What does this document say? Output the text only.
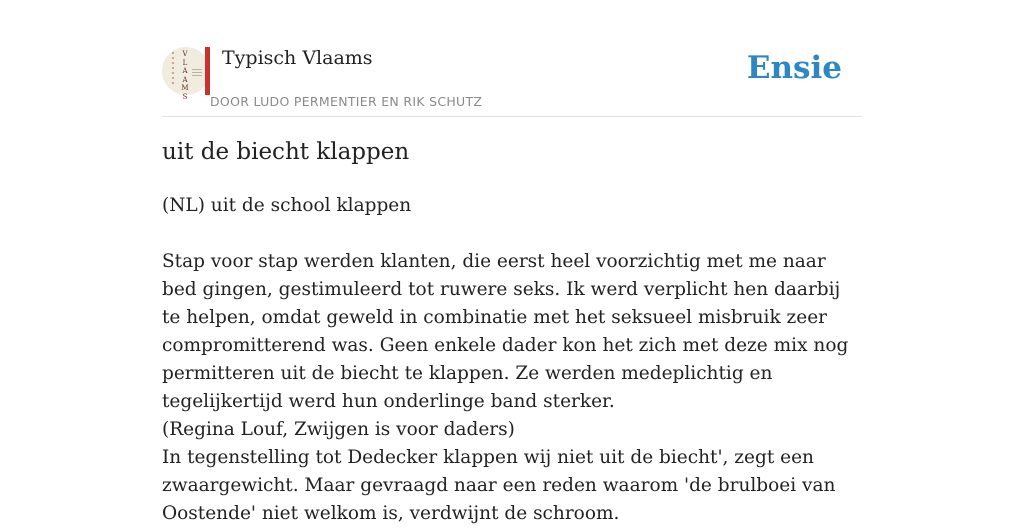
V
L
A
A
M
S
Typisch Vlaams
DOOR LUDO PERMENTIER EN RIK SCHUTZ
Ensie
uit de biecht klappen

(NL) uit de school klappen

Stap voor stap werden klanten, die eerst heel voorzichtig met me naar bed gingen, gestimuleerd tot ruwere seks. Ik werd verplicht hen daarbij te helpen, omdat geweld in combinatie met het seksueel misbruik zeer compromitterend was. Geen enkele dader kon het zich met deze mix nog permitteren uit de biecht te klappen. Ze werden medeplichtig en tegelijkertijd werd hun onderlinge band sterker.

(Regina Louf, Zwijgen is voor daders)

In tegenstelling tot Dedecker klappen wij niet uit de biecht', zegt een zwaargewicht. Maar gevraagd naar een reden waarom 'de brulboei van Oostende' niet welkom is, verdwijnt de schroom.
